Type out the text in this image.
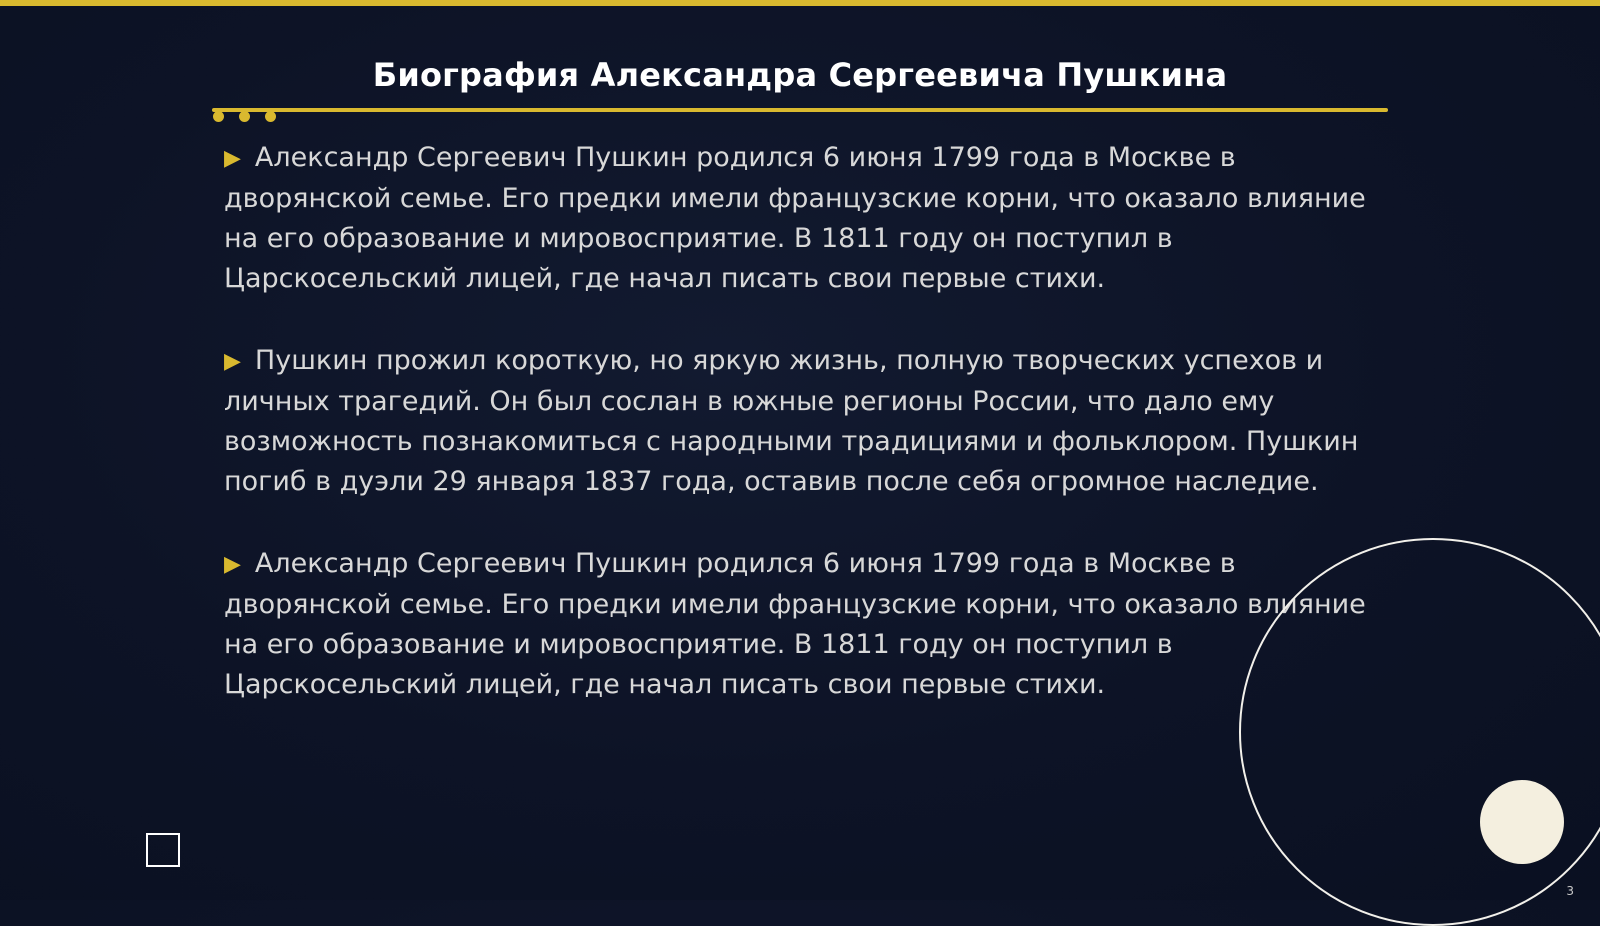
Биография Александра Сергеевича Пушкина

▶ Александр Сергеевич Пушкин родился 6 июня 1799 года в Москве в дворянской семье. Его предки имели французские корни, что оказало влияние на его образование и мировосприятие. В 1811 году он поступил в Царскосельский лицей, где начал писать свои первые стихи.

▶ Пушкин прожил короткую, но яркую жизнь, полную творческих успехов и личных трагедий. Он был сослан в южные регионы России, что дало ему возможность познакомиться с народными традициями и фольклором. Пушкин погиб в дуэли 29 января 1837 года, оставив после себя огромное наследие.

▶ Александр Сергеевич Пушкин родился 6 июня 1799 года в Москве в дворянской семье. Его предки имели французские корни, что оказало влияние на его образование и мировосприятие. В 1811 году он поступил в Царскосельский лицей, где начал писать свои первые стихи.

3
